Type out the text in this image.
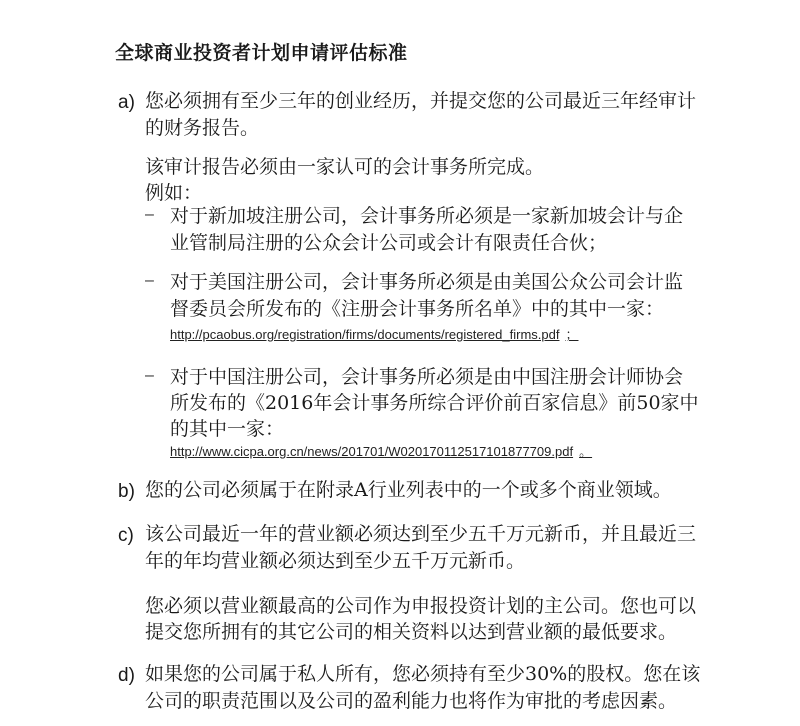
全球商业投资者计划申请评估标准
a) 您必须拥有至少三年的创业经历，并提交您的公司最近三年经审计
的财务报告。
该审计报告必须由一家认可的会计事务所完成。
例如：
– 对于新加坡注册公司，会计事务所必须是一家新加坡会计与企
业管制局注册的公众会计公司或会计有限责任合伙；
– 对于美国注册公司，会计事务所必须是由美国公众公司会计监
督委员会所发布的《注册会计事务所名单》中的其中一家：
http://pcaobus.org/registration/firms/documents/registered_firms.pdf ；
– 对于中国注册公司，会计事务所必须是由中国注册会计师协会
所发布的《2016年会计事务所综合评价前百家信息》前50家中
的其中一家：
http://www.cicpa.org.cn/news/201701/W020170112517101877709.pdf 。
b) 您的公司必须属于在附录A行业列表中的一个或多个商业领域。
c) 该公司最近一年的营业额必须达到至少五千万元新币，并且最近三
年的年均营业额必须达到至少五千万元新币。
您必须以营业额最高的公司作为申报投资计划的主公司。您也可以
提交您所拥有的其它公司的相关资料以达到营业额的最低要求。
d) 如果您的公司属于私人所有，您必须持有至少30%的股权。您在该
公司的职责范围以及公司的盈利能力也将作为审批的考虑因素。
